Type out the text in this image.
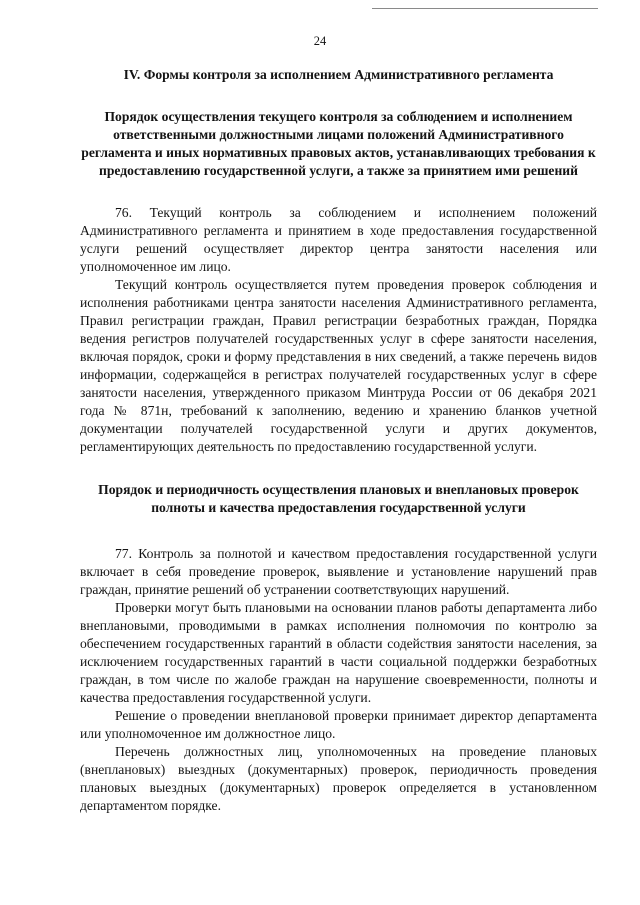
24
IV. Формы контроля за исполнением Административного регламента
Порядок осуществления текущего контроля за соблюдением и исполнением ответственными должностными лицами положений Административного регламента и иных нормативных правовых актов, устанавливающих требования к предоставлению государственной услуги, а также за принятием ими решений

76. Текущий контроль за соблюдением и исполнением положений Административного регламента и принятием в ходе предоставления государственной услуги решений осуществляет директор центра занятости населения или уполномоченное им лицо.

Текущий контроль осуществляется путем проведения проверок соблюдения и исполнения работниками центра занятости населения Административного регламента, Правил регистрации граждан, Правил регистрации безработных граждан, Порядка ведения регистров получателей государственных услуг в сфере занятости населения, включая порядок, сроки и форму представления в них сведений, а также перечень видов информации, содержащейся в регистрах получателей государственных услуг в сфере занятости населения, утвержденного приказом Минтруда России от 06 декабря 2021 года № 871н, требований к заполнению, ведению и хранению бланков учетной документации получателей государственной услуги и других документов, регламентирующих деятельность по предоставлению государственной услуги.

Порядок и периодичность осуществления плановых и внеплановых проверок полноты и качества предоставления государственной услуги

77. Контроль за полнотой и качеством предоставления государственной услуги включает в себя проведение проверок, выявление и установление нарушений прав граждан, принятие решений об устранении соответствующих нарушений.

Проверки могут быть плановыми на основании планов работы департамента либо внеплановыми, проводимыми в рамках исполнения полномочия по контролю за обеспечением государственных гарантий в области содействия занятости населения, за исключением государственных гарантий в части социальной поддержки безработных граждан, в том числе по жалобе граждан на нарушение своевременности, полноты и качества предоставления государственной услуги.

Решение о проведении внеплановой проверки принимает директор департамента или уполномоченное им должностное лицо.

Перечень должностных лиц, уполномоченных на проведение плановых (внеплановых) выездных (документарных) проверок, периодичность проведения плановых выездных (документарных) проверок определяется в установленном департаментом порядке.
